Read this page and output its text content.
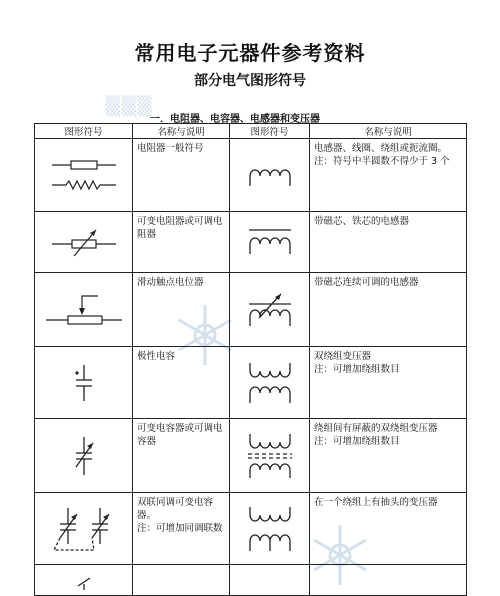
常用电子元器件参考资料
部分电气图形符号
▒▒▒
一．电阻器、电容器、电感器和变压器
图形符号	名称与说明	图形符号	名称与说明

	电阻器一般符号		电感器、线圈、绕组或扼流圈。注：符号中半圆数不得少于 3 个

	可变电阻器或可调电阻器		带磁芯、铁芯的电感器

	滑动触点电位器		带磁芯连续可调的电感器

	极性电容		双绕组变压器
注：可增加绕组数目

	可变电容器或可调电容器		绕组间有屏蔽的双绕组变压器
注：可增加绕组数目

	双联同调可变电容器。
注：可增加同调联数		在一个绕组上有抽头的变压器
